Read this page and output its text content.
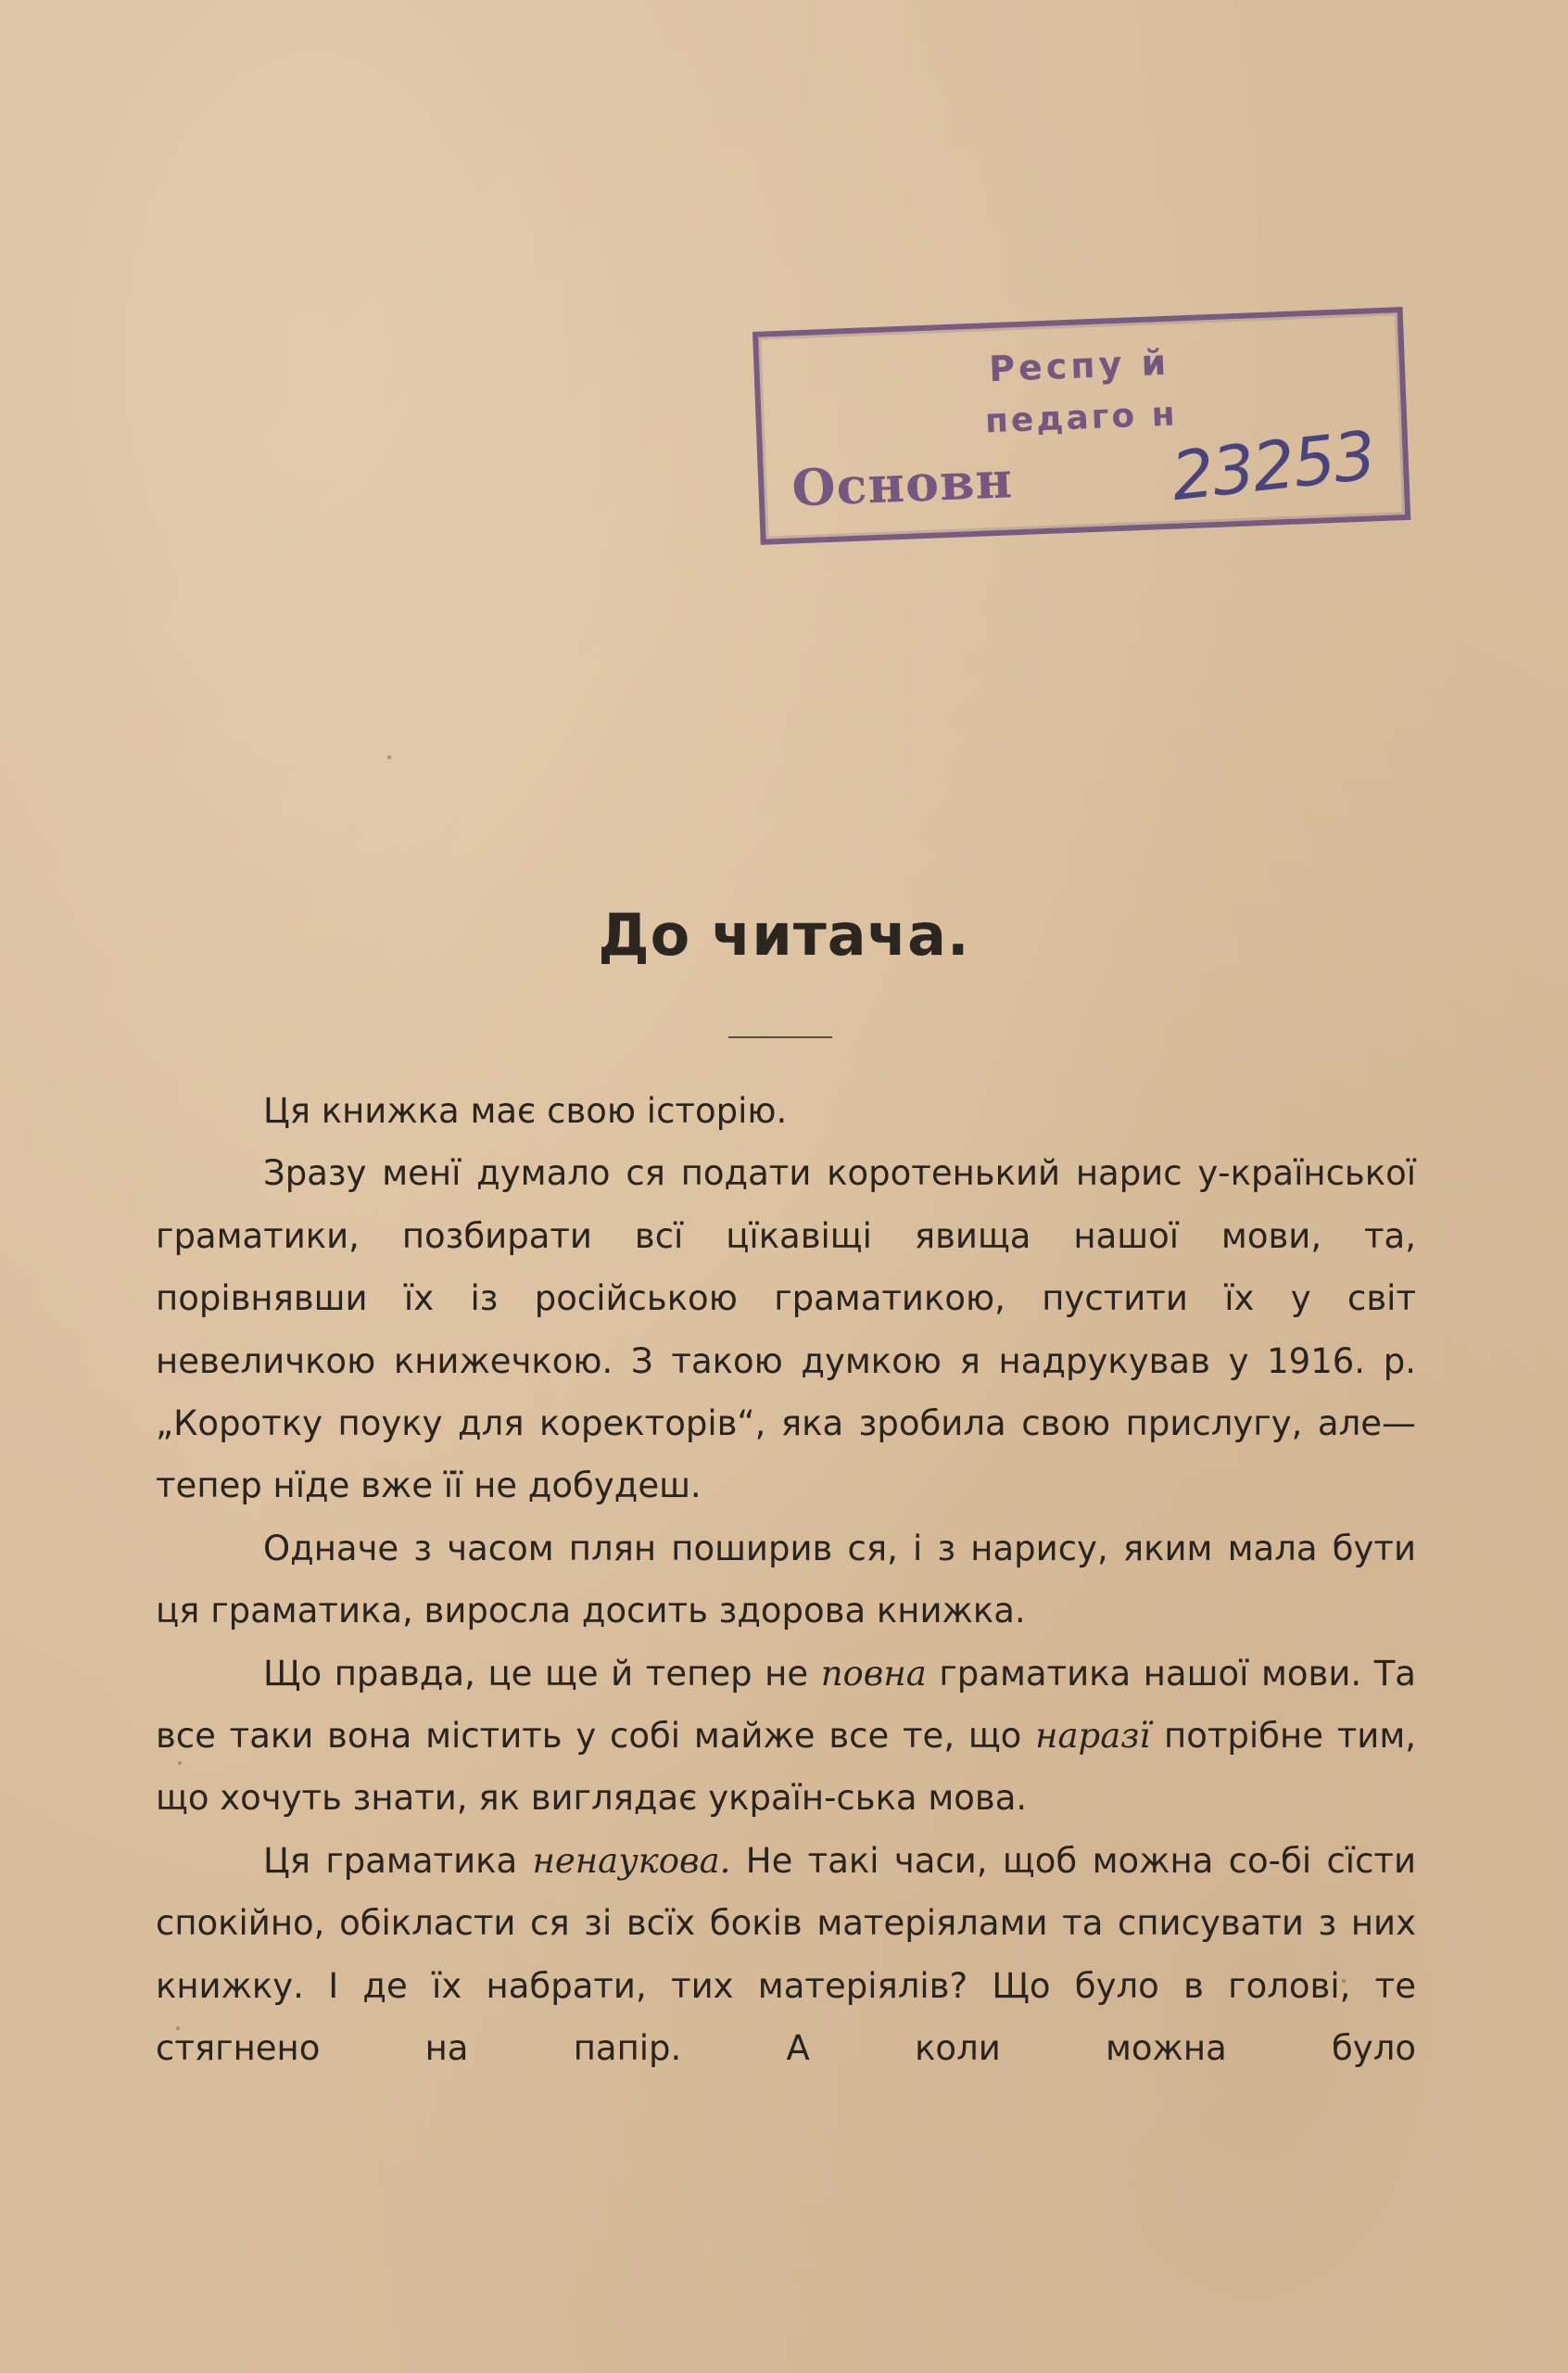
Респу й
педаго н
Основн 23253
До читача.

Ця книжка має свою історію.

Зразу менї думало ся подати коротенький нарис у-країнської граматики, позбирати всї цїкавіщі явища нашої мови, та, порівнявши їх із російською граматикою, пустити їх у світ невеличкою книжечкою. З такою думкою я надрукував у 1916. р. „Коротку поуку для коректорів“, яка зробила свою прислугу, але—тепер нїде вже її не добудеш.

Одначе з часом плян поширив ся, і з нарису, яким мала бути ця граматика, виросла досить здорова книжка.

Що правда, це ще й тепер не повна граматика нашої мови. Та все таки вона містить у собі майже все те, що наразї потрібне тим, що хочуть знати, як виглядає україн-ська мова.

Ця граматика ненаукова. Не такі часи, щоб можна со-бі сїсти спокійно, обікласти ся зі всїх боків матеріялами та списувати з них книжку. І де їх набрати, тих матеріялів? Що було в голові, те стягнено на папір. А коли можна було
